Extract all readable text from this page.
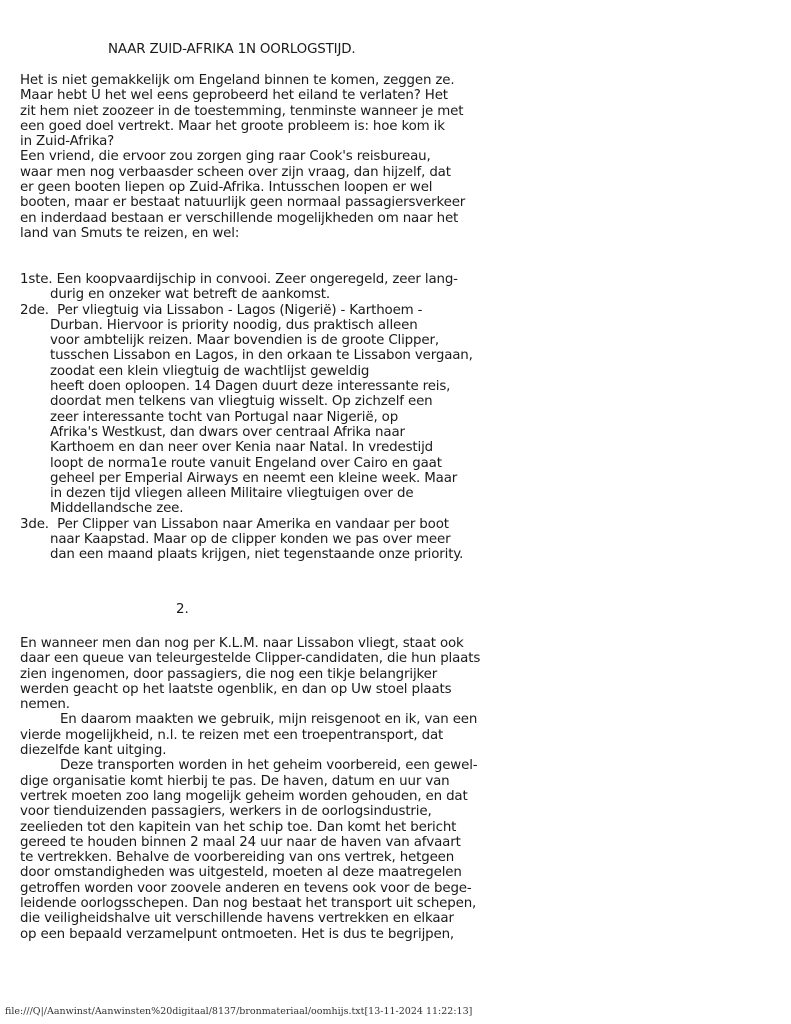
NAAR ZUID-AFRIKA 1N OORLOGSTIJD.
Het is niet gemakkelijk om Engeland binnen te komen, zeggen ze.
Maar hebt U het wel eens geprobeerd het eiland te verlaten? Het
zit hem niet zoozeer in de toestemming, tenminste wanneer je met
een goed doel vertrekt. Maar het groote probleem is: hoe kom ik
in Zuid-Afrika?
Een vriend, die ervoor zou zorgen ging raar Cook's reisbureau,
waar men nog verbaasder scheen over zijn vraag, dan hijzelf, dat
er geen booten liepen op Zuid-Afrika. Intusschen loopen er wel
booten, maar er bestaat natuurlijk geen normaal passagiersverkeer
en inderdaad bestaan er verschillende mogelijkheden om naar het
land van Smuts te reizen, en wel:
1ste. Een koopvaardijschip in convooi. Zeer ongeregeld, zeer lang-
durig en onzeker wat betreft de aankomst.
2de.  Per vliegtuig via Lissabon - Lagos (Nigerië) - Karthoem -
Durban. Hiervoor is priority noodig, dus praktisch alleen
voor ambtelijk reizen. Maar bovendien is de groote Clipper,
tusschen Lissabon en Lagos, in den orkaan te Lissabon vergaan,
zoodat een klein vliegtuig de wachtlijst geweldig
heeft doen oploopen. 14 Dagen duurt deze interessante reis,
doordat men telkens van vliegtuig wisselt. Op zichzelf een
zeer interessante tocht van Portugal naar Nigerië, op
Afrika's Westkust, dan dwars over centraal Afrika naar
Karthoem en dan neer over Kenia naar Natal. In vredestijd
loopt de norma1e route vanuit Engeland over Cairo en gaat
geheel per Emperial Airways en neemt een kleine week. Maar
in dezen tijd vliegen alleen Militaire vliegtuigen over de
Middellandsche zee.
3de.  Per Clipper van Lissabon naar Amerika en vandaar per boot
naar Kaapstad. Maar op de clipper konden we pas over meer
dan een maand plaats krijgen, niet tegenstaande onze priority.
2.
En wanneer men dan nog per K.L.M. naar Lissabon vliegt, staat ook
daar een queue van teleurgestelde Clipper-candidaten, die hun plaats
zien ingenomen, door passagiers, die nog een tikje belangrijker
werden geacht op het laatste ogenblik, en dan op Uw stoel plaats
nemen.
En daarom maakten we gebruik, mijn reisgenoot en ik, van een
vierde mogelijkheid, n.l. te reizen met een troepentransport, dat
diezelfde kant uitging.
Deze transporten worden in het geheim voorbereid, een gewel-
dige organisatie komt hierbij te pas. De haven, datum en uur van
vertrek moeten zoo lang mogelijk geheim worden gehouden, en dat
voor tienduizenden passagiers, werkers in de oorlogsindustrie,
zeelieden tot den kapitein van het schip toe. Dan komt het bericht
gereed te houden binnen 2 maal 24 uur naar de haven van afvaart
te vertrekken. Behalve de voorbereiding van ons vertrek, hetgeen
door omstandigheden was uitgesteld, moeten al deze maatregelen
getroffen worden voor zoovele anderen en tevens ook voor de bege-
leidende oorlogsschepen. Dan nog bestaat het transport uit schepen,
die veiligheidshalve uit verschillende havens vertrekken en elkaar
op een bepaald verzamelpunt ontmoeten. Het is dus te begrijpen,
file:///Q|/Aanwinst/Aanwinsten%20digitaal/8137/bronmateriaal/oomhijs.txt[13-11-2024 11:22:13]
